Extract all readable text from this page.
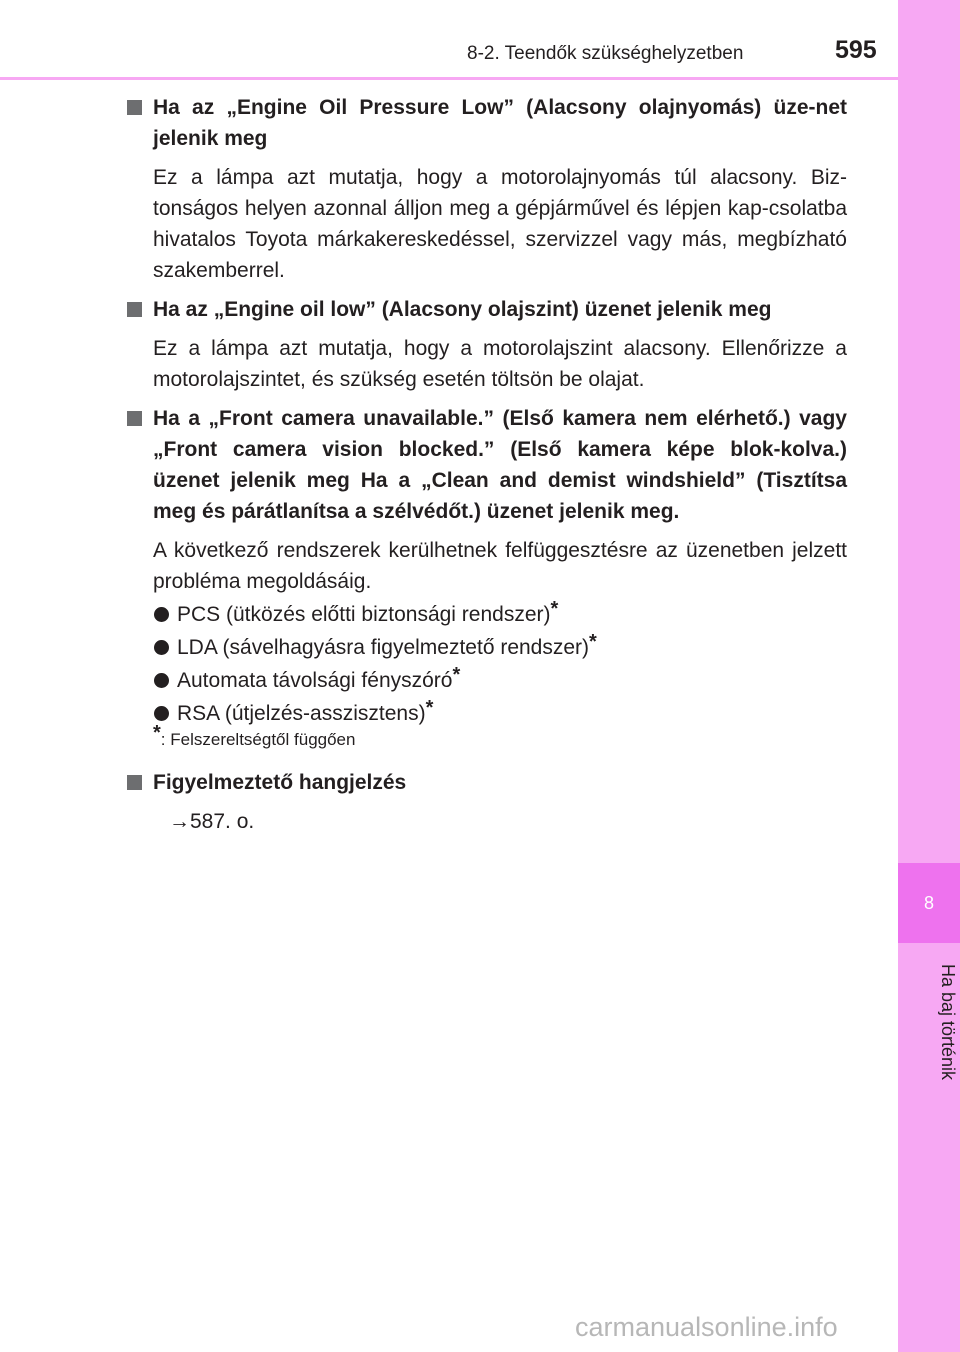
8
Ha baj történik
8-2. Teendők szükséghelyzetben	595
Ha az „Engine Oil Pressure Low” (Alacsony olajnyomás) üze-net jelenik meg
Ez a lámpa azt mutatja, hogy a motorolajnyomás túl alacsony. Biz-tonságos helyen azonnal álljon meg a gépjárművel és lépjen kap-csolatba hivatalos Toyota márkakereskedéssel, szervizzel vagy más, megbízható szakemberrel.
Ha az „Engine oil low” (Alacsony olajszint) üzenet jelenik meg
Ez a lámpa azt mutatja, hogy a motorolajszint alacsony. Ellenőrizze a motorolajszintet, és szükség esetén töltsön be olajat.
Ha a „Front camera unavailable.” (Első kamera nem elérhető.) vagy „Front camera vision blocked.” (Első kamera képe blok-kolva.) üzenet jelenik meg Ha a „Clean and demist windshield” (Tisztítsa meg és párátlanítsa a szélvédőt.) üzenet jelenik meg.
A következő rendszerek kerülhetnek felfüggesztésre az üzenetben jelzett probléma megoldásáig.
PCS (ütközés előtti biztonsági rendszer)*
LDA (sávelhagyásra figyelmeztető rendszer)*
Automata távolsági fényszóró*
RSA (útjelzés-asszisztens)*
*: Felszereltségtől függően
Figyelmeztető hangjelzés
→587. o.
carmanualsonline.info
